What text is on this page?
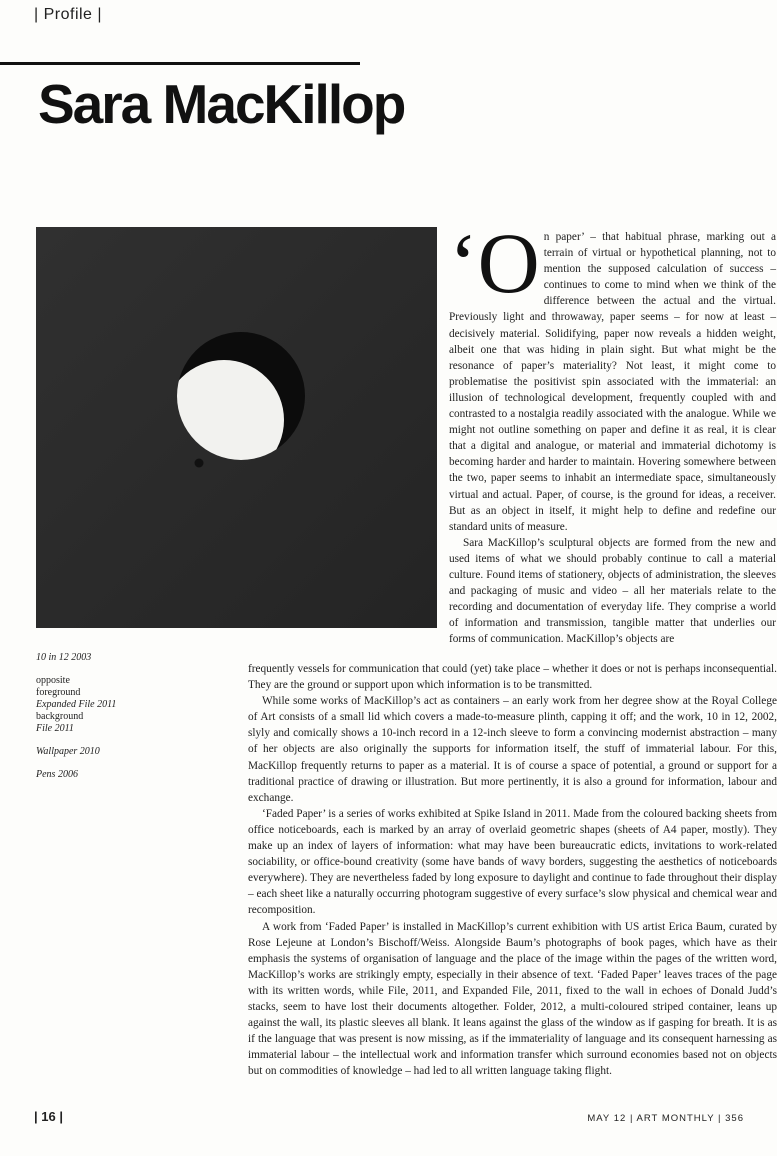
| Profile |
Sara MacKillop
10 in 12 2003
opposite
foreground
Expanded File 2011
background
File 2011
Wallpaper 2010
Pens 2006
‘O n paper’ – that habitual phrase, marking out a terrain of virtual or hypothetical planning, not to mention the supposed calculation of success – continues to come to mind when we think of the difference between the actual and the virtual. Previously light and throwaway, paper seems – for now at least – decisively material. Solidifying, paper now reveals a hidden weight, albeit one that was hiding in plain sight. But what might be the resonance of paper’s materiality? Not least, it might come to problematise the positivist spin associated with the immaterial: an illusion of technological development, frequently coupled with and contrasted to a nostalgia readily associated with the analogue. While we might not outline something on paper and define it as real, it is clear that a digital and analogue, or material and immaterial dichotomy is becoming harder and harder to maintain. Hovering somewhere between the two, paper seems to inhabit an intermediate space, simultaneously virtual and actual. Paper, of course, is the ground for ideas, a receiver. But as an object in itself, it might help to define and redefine our standard units of measure.

Sara MacKillop’s sculptural objects are formed from the new and used items of what we should probably continue to call a material culture. Found items of stationery, objects of administration, the sleeves and packaging of music and video – all her materials relate to the recording and documentation of everyday life. They comprise a world of information and transmission, tangible matter that underlies our forms of communication. MacKillop’s objects are

frequently vessels for communication that could (yet) take place – whether it does or not is perhaps inconsequential. They are the ground or support upon which information is to be transmitted.

While some works of MacKillop’s act as containers – an early work from her degree show at the Royal College of Art consists of a small lid which covers a made-to-measure plinth, capping it off; and the work, 10 in 12, 2002, slyly and comically shows a 10-inch record in a 12-inch sleeve to form a convincing modernist abstraction – many of her objects are also originally the supports for information itself, the stuff of immaterial labour. For this, MacKillop frequently returns to paper as a material. It is of course a space of potential, a ground or support for a traditional practice of drawing or illustration. But more pertinently, it is also a ground for information, labour and exchange.

‘Faded Paper’ is a series of works exhibited at Spike Island in 2011. Made from the coloured backing sheets from office noticeboards, each is marked by an array of overlaid geometric shapes (sheets of A4 paper, mostly). They make up an index of layers of information: what may have been bureaucratic edicts, invitations to work-related sociability, or office-bound creativity (some have bands of wavy borders, suggesting the aesthetics of noticeboards everywhere). They are nevertheless faded by long exposure to daylight and continue to fade throughout their display – each sheet like a naturally occurring photogram suggestive of every surface’s slow physical and chemical wear and recomposition.

A work from ‘Faded Paper’ is installed in MacKillop’s current exhibition with US artist Erica Baum, curated by Rose Lejeune at London’s Bischoff/Weiss. Alongside Baum’s photographs of book pages, which have as their emphasis the systems of organisation of language and the place of the image within the pages of the written word, MacKillop’s works are strikingly empty, especially in their absence of text. ‘Faded Paper’ leaves traces of the page with its written words, while File, 2011, and Expanded File, 2011, fixed to the wall in echoes of Donald Judd’s stacks, seem to have lost their documents altogether. Folder, 2012, a multi-coloured striped container, leans up against the wall, its plastic sleeves all blank. It leans against the glass of the window as if gasping for breath. It is as if the language that was present is now missing, as if the immateriality of language and its consequent harnessing as immaterial labour – the intellectual work and information transfer which surround economies based not on objects but on commodities of knowledge – had led to all written language taking flight.

| 16 |	MAY 12 | ART MONTHLY | 356
